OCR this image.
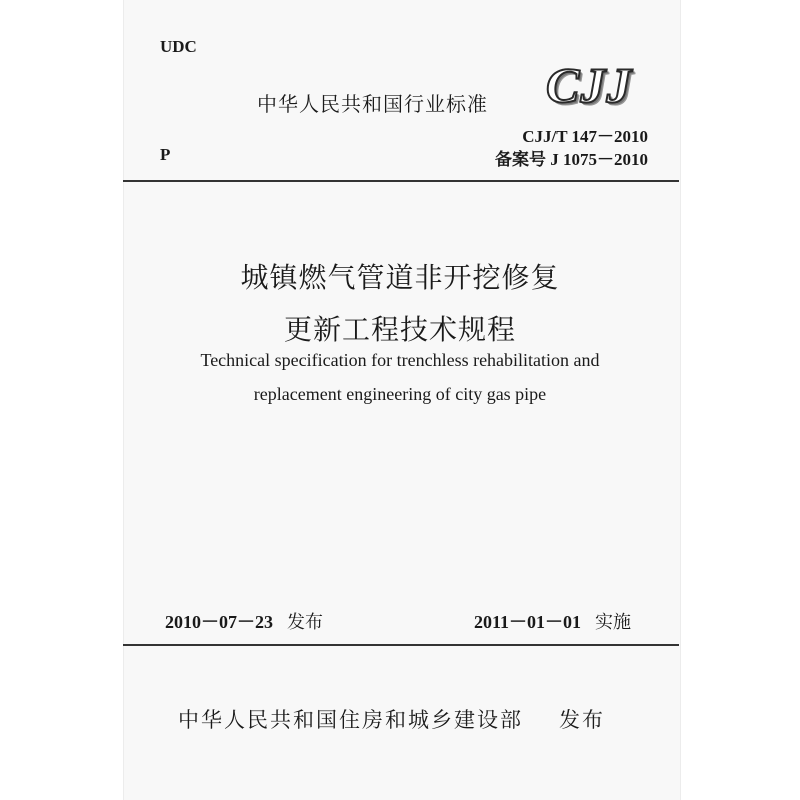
UDC
中华人民共和国行业标准 CJJ
CJJ/T 147－2010
P	备案号 J 1075－2010
城镇燃气管道非开挖修复
更新工程技术规程
Technical specification for trenchless rehabilitation and
replacement engineering of city gas pipe
2010－07－23 发布	2011－01－01 实施
中华人民共和国住房和城乡建设部 发布
